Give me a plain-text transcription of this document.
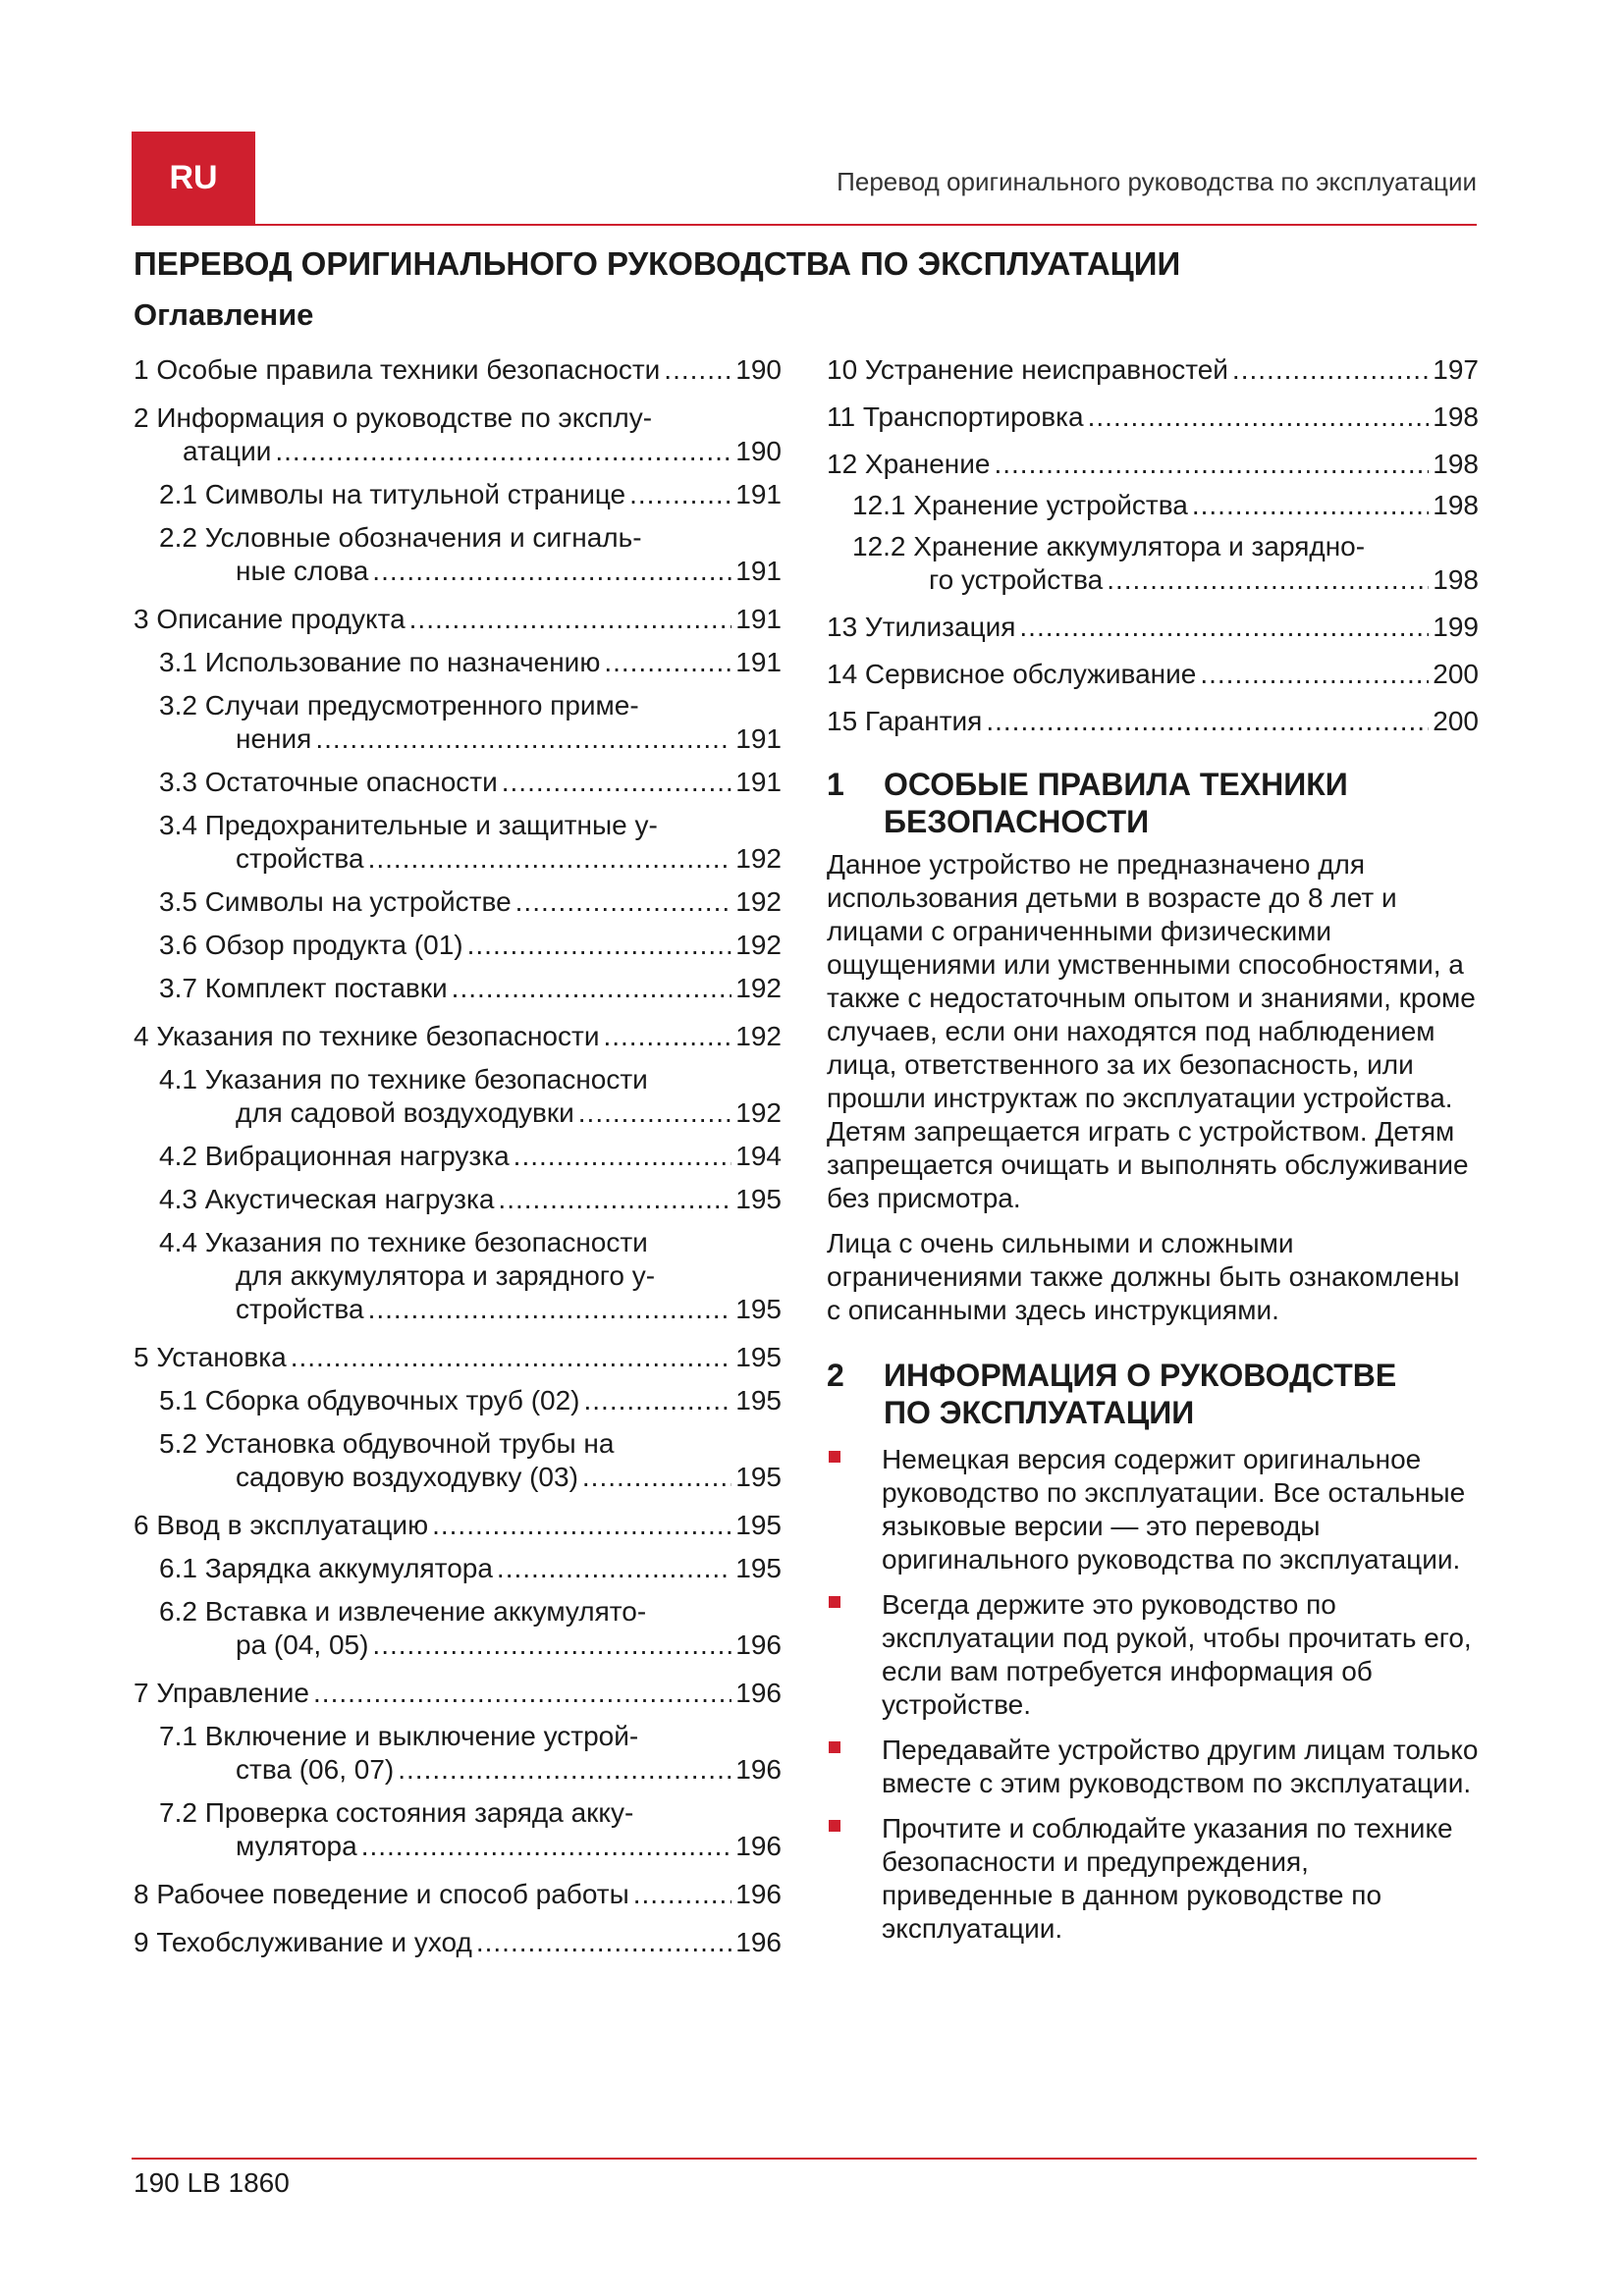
RU	Перевод оригинального руководства по эксплуатации
ПЕРЕВОД ОРИГИНАЛЬНОГО РУКОВОДСТВА ПО ЭКСПЛУАТАЦИИ
Оглавление
1 Особые правила техники безопасности .....	190
2 Информация о руководстве по эксплу-
атации .....	190
2.1 Символы на титульной странице .....	191
2.2 Условные обозначения и сигналь-
ные слова .....	191
3 Описание продукта .....	191
3.1 Использование по назначению .....	191
3.2 Случаи предусмотренного приме-
нения .....	191
3.3 Остаточные опасности .....	191
3.4 Предохранительные и защитные у-
стройства .....	192
3.5 Символы на устройстве .....	192
3.6 Обзор продукта (01) .....	192
3.7 Комплект поставки .....	192
4 Указания по технике безопасности .....	192
4.1 Указания по технике безопасности
для садовой воздуходувки .....	192
4.2 Вибрационная нагрузка .....	194
4.3 Акустическая нагрузка .....	195
4.4 Указания по технике безопасности
для аккумулятора и зарядного у-
стройства .....	195
5 Установка .....	195
5.1 Сборка обдувочных труб (02) .....	195
5.2 Установка обдувочной трубы на
садовую воздуходувку (03) .....	195
6 Ввод в эксплуатацию .....	195
6.1 Зарядка аккумулятора .....	195
6.2 Вставка и извлечение аккумулято-
ра (04, 05) .....	196
7 Управление .....	196
7.1 Включение и выключение устрой-
ства (06, 07) .....	196
7.2 Проверка состояния заряда акку-
мулятора .....	196
8 Рабочее поведение и способ работы .....	196
9 Техобслуживание и уход .....	196
10 Устранение неисправностей .....	197
11 Транспортировка .....	198
12 Хранение .....	198
12.1 Хранение устройства .....	198
12.2 Хранение аккумулятора и зарядно-
го устройства .....	198
13 Утилизация .....	199
14 Сервисное обслуживание .....	200
15 Гарантия .....	200
1 ОСОБЫЕ ПРАВИЛА ТЕХНИКИ
БЕЗОПАСНОСТИ

Данное устройство не предназначено для использования детьми в возрасте до 8 лет и лицами с ограниченными физическими ощущениями или умственными способностями, а также с недостаточным опытом и знаниями, кроме случаев, если они находятся под наблюдением лица, ответственного за их безопасность, или прошли инструктаж по эксплуатации устройства. Детям запрещается играть с устройством. Детям запрещается очищать и выполнять обслуживание без присмотра.

Лица с очень сильными и сложными ограничениями также должны быть ознакомлены с описанными здесь инструкциями.

2 ИНФОРМАЦИЯ О РУКОВОДСТВЕ
ПО ЭКСПЛУАТАЦИИ
Немецкая версия содержит оригинальное руководство по эксплуатации. Все остальные языковые версии — это переводы оригинального руководства по эксплуатации.
Всегда держите это руководство по эксплуатации под рукой, чтобы прочитать его, если вам потребуется информация об устройстве.
Передавайте устройство другим лицам только вместе с этим руководством по эксплуатации.
Прочтите и соблюдайте указания по технике безопасности и предупреждения, приведенные в данном руководстве по эксплуатации.
190 LB 1860
